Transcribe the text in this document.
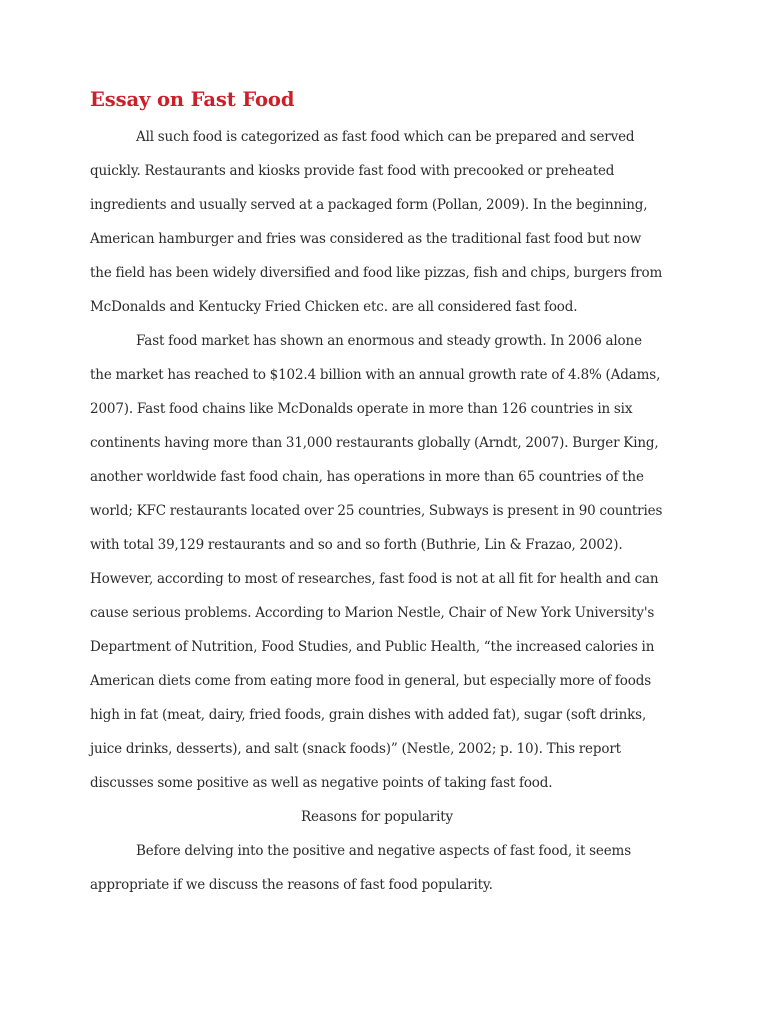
Essay on Fast Food

All such food is categorized as fast food which can be prepared and served quickly. Restaurants and kiosks provide fast food with precooked or preheated ingredients and usually served at a packaged form (Pollan, 2009). In the beginning, American hamburger and fries was considered as the traditional fast food but now the field has been widely diversified and food like pizzas, fish and chips, burgers from McDonalds and Kentucky Fried Chicken etc. are all considered fast food.

Fast food market has shown an enormous and steady growth. In 2006 alone the market has reached to $102.4 billion with an annual growth rate of 4.8% (Adams, 2007). Fast food chains like McDonalds operate in more than 126 countries in six continents having more than 31,000 restaurants globally (Arndt, 2007). Burger King, another worldwide fast food chain, has operations in more than 65 countries of the world; KFC restaurants located over 25 countries, Subways is present in 90 countries with total 39,129 restaurants and so and so forth (Buthrie, Lin & Frazao, 2002). However, according to most of researches, fast food is not at all fit for health and can cause serious problems. According to Marion Nestle, Chair of New York University's Department of Nutrition, Food Studies, and Public Health, “the increased calories in American diets come from eating more food in general, but especially more of foods high in fat (meat, dairy, fried foods, grain dishes with added fat), sugar (soft drinks, juice drinks, desserts), and salt (snack foods)” (Nestle, 2002; p. 10). This report discusses some positive as well as negative points of taking fast food.

Reasons for popularity

Before delving into the positive and negative aspects of fast food, it seems appropriate if we discuss the reasons of fast food popularity.
